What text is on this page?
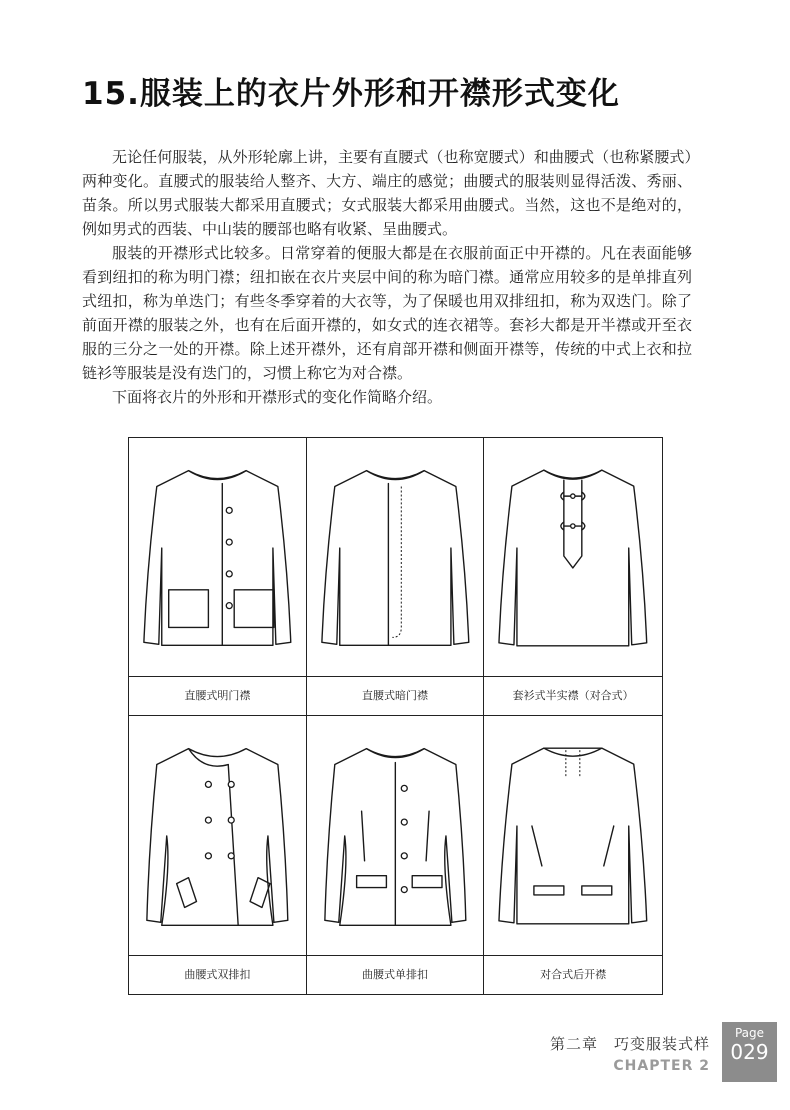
15.服装上的衣片外形和开襟形式变化

无论任何服装，从外形轮廓上讲，主要有直腰式（也称宽腰式）和曲腰式（也称紧腰式）两种变化。直腰式的服装给人整齐、大方、端庄的感觉；曲腰式的服装则显得活泼、秀丽、苗条。所以男式服装大都采用直腰式；女式服装大都采用曲腰式。当然，这也不是绝对的，例如男式的西装、中山装的腰部也略有收紧、呈曲腰式。

服装的开襟形式比较多。日常穿着的便服大都是在衣服前面正中开襟的。凡在表面能够看到纽扣的称为明门襟；纽扣嵌在衣片夹层中间的称为暗门襟。通常应用较多的是单排直列式纽扣，称为单迭门；有些冬季穿着的大衣等，为了保暖也用双排纽扣，称为双迭门。除了前面开襟的服装之外，也有在后面开襟的，如女式的连衣裙等。套衫大都是开半襟或开至衣服的三分之一处的开襟。除上述开襟外，还有肩部开襟和侧面开襟等，传统的中式上衣和拉链衫等服装是没有迭门的，习惯上称它为对合襟。

下面将衣片的外形和开襟形式的变化作简略介绍。

直腰式明门襟	直腰式暗门襟	套衫式半实襟（对合式）
曲腰式双排扣	曲腰式单排扣	对合式后开襟
第二章　巧变服装式样
CHAPTER 2
Page
029
